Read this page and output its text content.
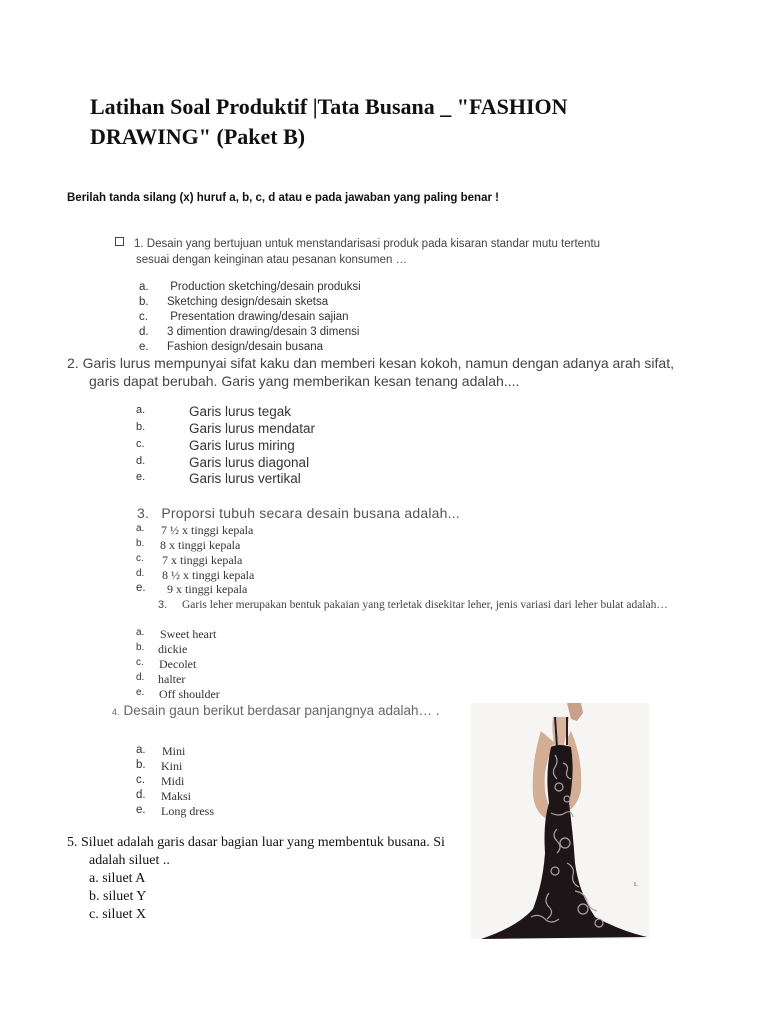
Latihan Soal Produktif |Tata Busana _ "FASHION
DRAWING" (Paket B)
Berilah tanda silang (x) huruf a, b, c, d atau e pada jawaban yang paling benar !
1. Desain yang bertujuan untuk menstandarisasi produk pada kisaran standar mutu tertentu
sesuai dengan keinginan atau pesanan konsumen …
a. Production sketching/desain produksi
b. Sketching design/desain sketsa
c. Presentation drawing/desain sajian
d. 3 dimention drawing/desain 3 dimensi
e. Fashion design/desain busana
2. Garis lurus mempunyai sifat kaku dan memberi kesan kokoh, namun dengan adanya arah sifat,
garis dapat berubah. Garis yang memberikan kesan tenang adalah....
a.	Garis lurus tegak
b.	Garis lurus mendatar
c.	Garis lurus miring
d.	Garis lurus diagonal
e.	Garis lurus vertikal
3. Proporsi tubuh secara desain busana adalah...
a. 7 ½ x tinggi kepala
b. 8 x tinggi kepala
c. 7 x tinggi kepala
d. 8 ½ x tinggi kepala
e. 9 x tinggi kepala
3.	Garis leher merupakan bentuk pakaian yang terletak disekitar leher, jenis variasi dari leher bulat adalah…
a. Sweet heart
b. dickie
c. Decolet
d. halter
e. Off shoulder
4. Desain gaun berikut berdasar panjangnya adalah… .
a. Mini
b. Kini
c. Midi
d. Maksi
e. Long dress
5. Siluet adalah garis dasar bagian luar yang membentuk busana. Si
adalah siluet ..
a. siluet A
b. siluet Y
c. siluet X
L
